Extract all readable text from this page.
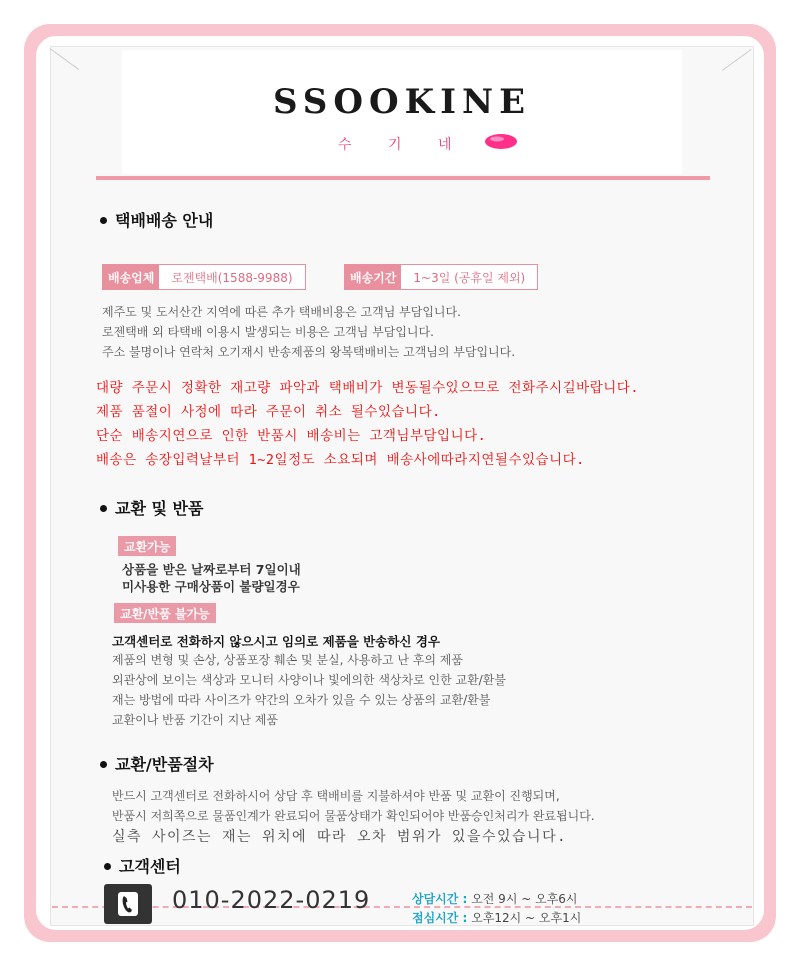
SSOOKINE
수 기 네
택배배송 안내
배송업체	로젠택배(1588-9988)	배송기간	1~3일 (공휴일 제외)
제주도 및 도서산간 지역에 따른 추가 택배비용은 고객님 부담입니다.
로젠택배 외 타택배 이용시 발생되는 비용은 고객님 부담입니다.
주소 불명이나 연락처 오기재시 반송제품의 왕복택배비는 고객님의 부담입니다.
대량 주문시 정확한 재고량 파악과 택배비가 변동될수있으므로 전화주시길바랍니다.
제품 품절이 사정에 따라 주문이 취소 될수있습니다.
단순 배송지연으로 인한 반품시 배송비는 고객님부담입니다.
배송은 송장입력날부터 1~2일정도 소요되며 배송사에따라지연될수있습니다.
교환 및 반품
교환가능
상품을 받은 날짜로부터 7일이내
미사용한 구매상품이 불량일경우
교환/반품 불가능
고객센터로 전화하지 않으시고 임의로 제품을 반송하신 경우
제품의 변형 및 손상, 상품포장 훼손 및 분실, 사용하고 난 후의 제품
외관상에 보이는 색상과 모니터 사양이나 빛에의한 색상차로 인한 교환/환불
재는 방법에 따라 사이즈가 약간의 오차가 있을 수 있는 상품의 교환/환불
교환이나 반품 기간이 지난 제품
교환/반품절차
반드시 고객센터로 전화하시어 상담 후 택배비를 지불하셔야 반품 및 교환이 진행되며,
반품시 저희쪽으로 물품인계가 완료되어 물품상태가 확인되어야 반품승인처리가 완료됩니다.
실측 사이즈는 재는 위치에 따라 오차 범위가 있을수있습니다.
고객센터
010-2022-0219	상담시간 : 오전 9시 ~ 오후6시
점심시간 : 오후12시 ~ 오후1시
